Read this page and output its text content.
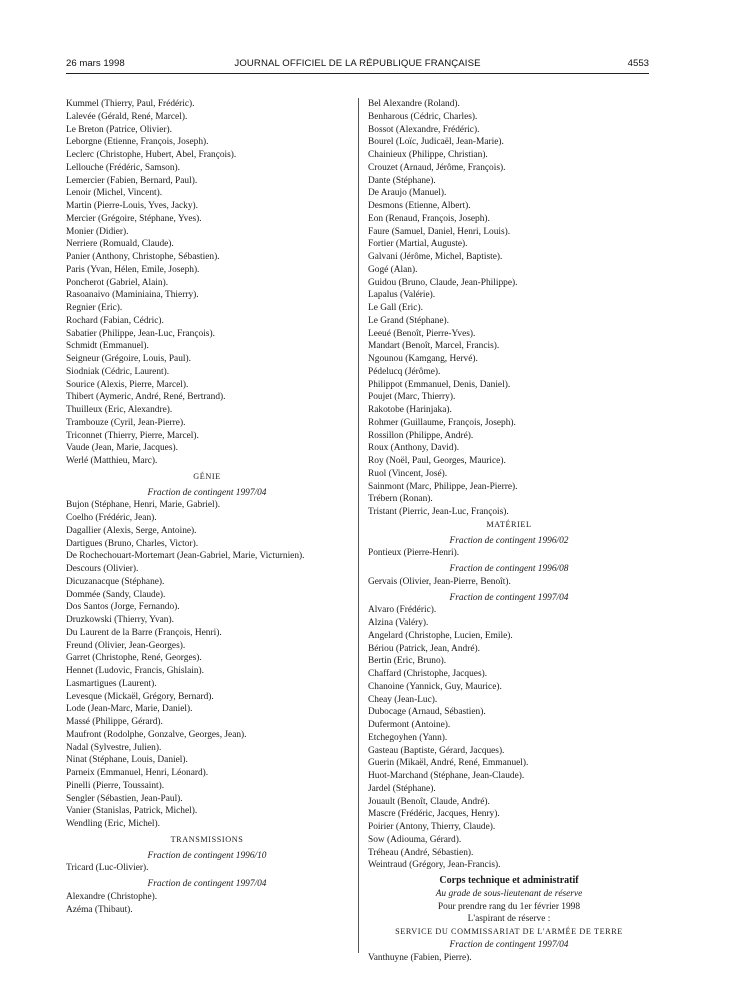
26 mars 1998	JOURNAL OFFICIEL DE LA RÉPUBLIQUE FRANÇAISE	4553
Kummel (Thierry, Paul, Frédéric).
Lalevée (Gérald, René, Marcel).
Le Breton (Patrice, Olivier).
Leborgne (Etienne, François, Joseph).
Leclerc (Christophe, Hubert, Abel, François).
Lellouche (Frédéric, Samson).
Lemercier (Fabien, Bernard, Paul).
Lenoir (Michel, Vincent).
Martin (Pierre-Louis, Yves, Jacky).
Mercier (Grégoire, Stéphane, Yves).
Monier (Didier).
Nerriere (Romuald, Claude).
Panier (Anthony, Christophe, Sébastien).
Paris (Yvan, Hélen, Emile, Joseph).
Poncherot (Gabriel, Alain).
Rasoanaivo (Maminiaina, Thierry).
Regnier (Eric).
Rochard (Fabian, Cédric).
Sabatier (Philippe, Jean-Luc, François).
Schmidt (Emmanuel).
Seigneur (Grégoire, Louis, Paul).
Siodniak (Cédric, Laurent).
Sourice (Alexis, Pierre, Marcel).
Thibert (Aymeric, André, René, Bertrand).
Thuilleux (Eric, Alexandre).
Trambouze (Cyril, Jean-Pierre).
Triconnet (Thierry, Pierre, Marcel).
Vaude (Jean, Marie, Jacques).
Werlé (Matthieu, Marc).
GÉNIE
Fraction de contingent 1997/04
Bujon (Stéphane, Henri, Marie, Gabriel).
Coelho (Frédéric, Jean).
Dagallier (Alexis, Serge, Antoine).
Dartigues (Bruno, Charles, Victor).
De Rochechouart-Mortemart (Jean-Gabriel, Marie, Victurnien).
Descours (Olivier).
Dicuzanacque (Stéphane).
Dommée (Sandy, Claude).
Dos Santos (Jorge, Fernando).
Druzkowski (Thierry, Yvan).
Du Laurent de la Barre (François, Henri).
Freund (Olivier, Jean-Georges).
Garret (Christophe, René, Georges).
Hennet (Ludovic, Francis, Ghislain).
Lasmartigues (Laurent).
Levesque (Mickaël, Grégory, Bernard).
Lode (Jean-Marc, Marie, Daniel).
Massé (Philippe, Gérard).
Maufront (Rodolphe, Gonzalve, Georges, Jean).
Nadal (Sylvestre, Julien).
Ninat (Stéphane, Louis, Daniel).
Parneix (Emmanuel, Henri, Léonard).
Pinelli (Pierre, Toussaint).
Sengler (Sébastien, Jean-Paul).
Vanier (Stanislas, Patrick, Michel).
Wendling (Eric, Michel).
TRANSMISSIONS
Fraction de contingent 1996/10
Tricard (Luc-Olivier).
Fraction de contingent 1997/04
Alexandre (Christophe).
Azéma (Thibaut).
Bel Alexandre (Roland).
Benharous (Cédric, Charles).
Bossot (Alexandre, Frédéric).
Bourel (Loïc, Judicaël, Jean-Marie).
Chainieux (Philippe, Christian).
Crouzet (Arnaud, Jérôme, François).
Dante (Stéphane).
De Araujo (Manuel).
Desmons (Etienne, Albert).
Eon (Renaud, François, Joseph).
Faure (Samuel, Daniel, Henri, Louis).
Fortier (Martial, Auguste).
Galvani (Jérôme, Michel, Baptiste).
Gogé (Alan).
Guidou (Bruno, Claude, Jean-Philippe).
Lapalus (Valérie).
Le Gall (Eric).
Le Grand (Stéphane).
Leeué (Benoît, Pierre-Yves).
Mandart (Benoît, Marcel, Francis).
Ngounou (Kamgang, Hervé).
Pédelucq (Jérôme).
Philippot (Emmanuel, Denis, Daniel).
Poujet (Marc, Thierry).
Rakotobe (Harinjaka).
Rohmer (Guillaume, François, Joseph).
Rossillon (Philippe, André).
Roux (Anthony, David).
Roy (Noël, Paul, Georges, Maurice).
Ruol (Vincent, José).
Sainmont (Marc, Philippe, Jean-Pierre).
Trébern (Ronan).
Tristant (Pierric, Jean-Luc, François).
MATÉRIEL
Fraction de contingent 1996/02
Pontieux (Pierre-Henri).
Fraction de contingent 1996/08
Gervais (Olivier, Jean-Pierre, Benoît).
Fraction de contingent 1997/04
Alvaro (Frédéric).
Alzina (Valéry).
Angelard (Christophe, Lucien, Emile).
Bériou (Patrick, Jean, André).
Bertin (Eric, Bruno).
Chaffard (Christophe, Jacques).
Chanoine (Yannick, Guy, Maurice).
Cheay (Jean-Luc).
Dubocage (Arnaud, Sébastien).
Dufermont (Antoine).
Etchegoyhen (Yann).
Gasteau (Baptiste, Gérard, Jacques).
Guerin (Mikaël, André, René, Emmanuel).
Huot-Marchand (Stéphane, Jean-Claude).
Jardel (Stéphane).
Jouault (Benoît, Claude, André).
Mascre (Frédéric, Jacques, Henry).
Poirier (Antony, Thierry, Claude).
Sow (Adiouma, Gérard).
Tréheau (André, Sébastien).
Weintraud (Grégory, Jean-Francis).
Corps technique et administratif
Au grade de sous-lieutenant de réserve
Pour prendre rang du 1er février 1998
L'aspirant de réserve :
SERVICE DU COMMISSARIAT DE L'ARMÉE DE TERRE
Fraction de contingent 1997/04
Vanthuyne (Fabien, Pierre).
